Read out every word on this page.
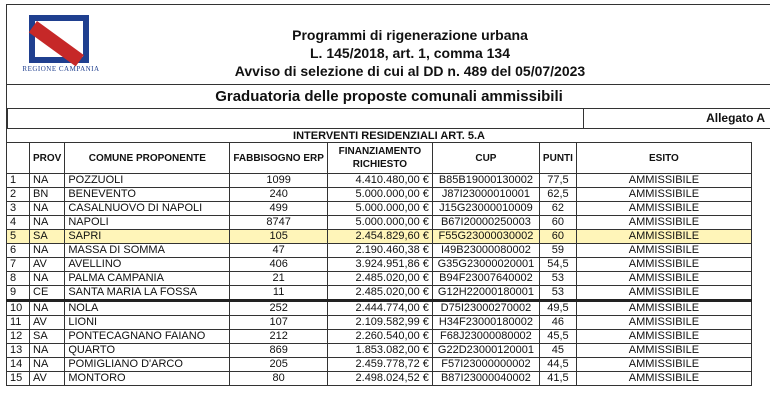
REGIONE CAMPANIA
Programmi di rigenerazione urbana
L. 145/2018, art. 1, comma 134
Avviso di selezione di cui al DD n. 489 del 05/07/2023
Graduatoria delle proposte comunali ammissibili
Allegato A
INTERVENTI RESIDENZIALI ART. 5.A
	PROV	COMUNE PROPONENTE	FABBISOGNO ERP	FINANZIAMENTO RICHIESTO	CUP	PUNTI	ESITO
1	NA	POZZUOLI	1099	4.410.480,00 €	B85B19000130002	77,5	AMMISSIBILE
2	BN	BENEVENTO	240	5.000.000,00 €	J87I23000010001	62,5	AMMISSIBILE
3	NA	CASALNUOVO DI NAPOLI	499	5.000.000,00 €	J15G23000010009	62	AMMISSIBILE
4	NA	NAPOLI	8747	5.000.000,00 €	B67I20000250003	60	AMMISSIBILE
5	SA	SAPRI	105	2.454.829,60 €	F55G23000030002	60	AMMISSIBILE
6	NA	MASSA DI SOMMA	47	2.190.460,38 €	I49B23000080002	59	AMMISSIBILE
7	AV	AVELLINO	406	3.924.951,86 €	G35G23000020001	54,5	AMMISSIBILE
8	NA	PALMA CAMPANIA	21	2.485.020,00 €	B94F23007640002	53	AMMISSIBILE
9	CE	SANTA MARIA LA FOSSA	11	2.485.020,00 €	G12H22000180001	53	AMMISSIBILE
10	NA	NOLA	252	2.444.774,00 €	D75I23000270002	49,5	AMMISSIBILE
11	AV	LIONI	107	2.109.582,99 €	H34F23000180002	46	AMMISSIBILE
12	SA	PONTECAGNANO FAIANO	212	2.260.540,00 €	F68J23000080002	45,5	AMMISSIBILE
13	NA	QUARTO	869	1.853.082,00 €	G22D23000120001	45	AMMISSIBILE
14	NA	POMIGLIANO D'ARCO	205	2.459.778,72 €	F57I23000000002	44,5	AMMISSIBILE
15	AV	MONTORO	80	2.498.024,52 €	B87I23000040002	41,5	AMMISSIBILE
